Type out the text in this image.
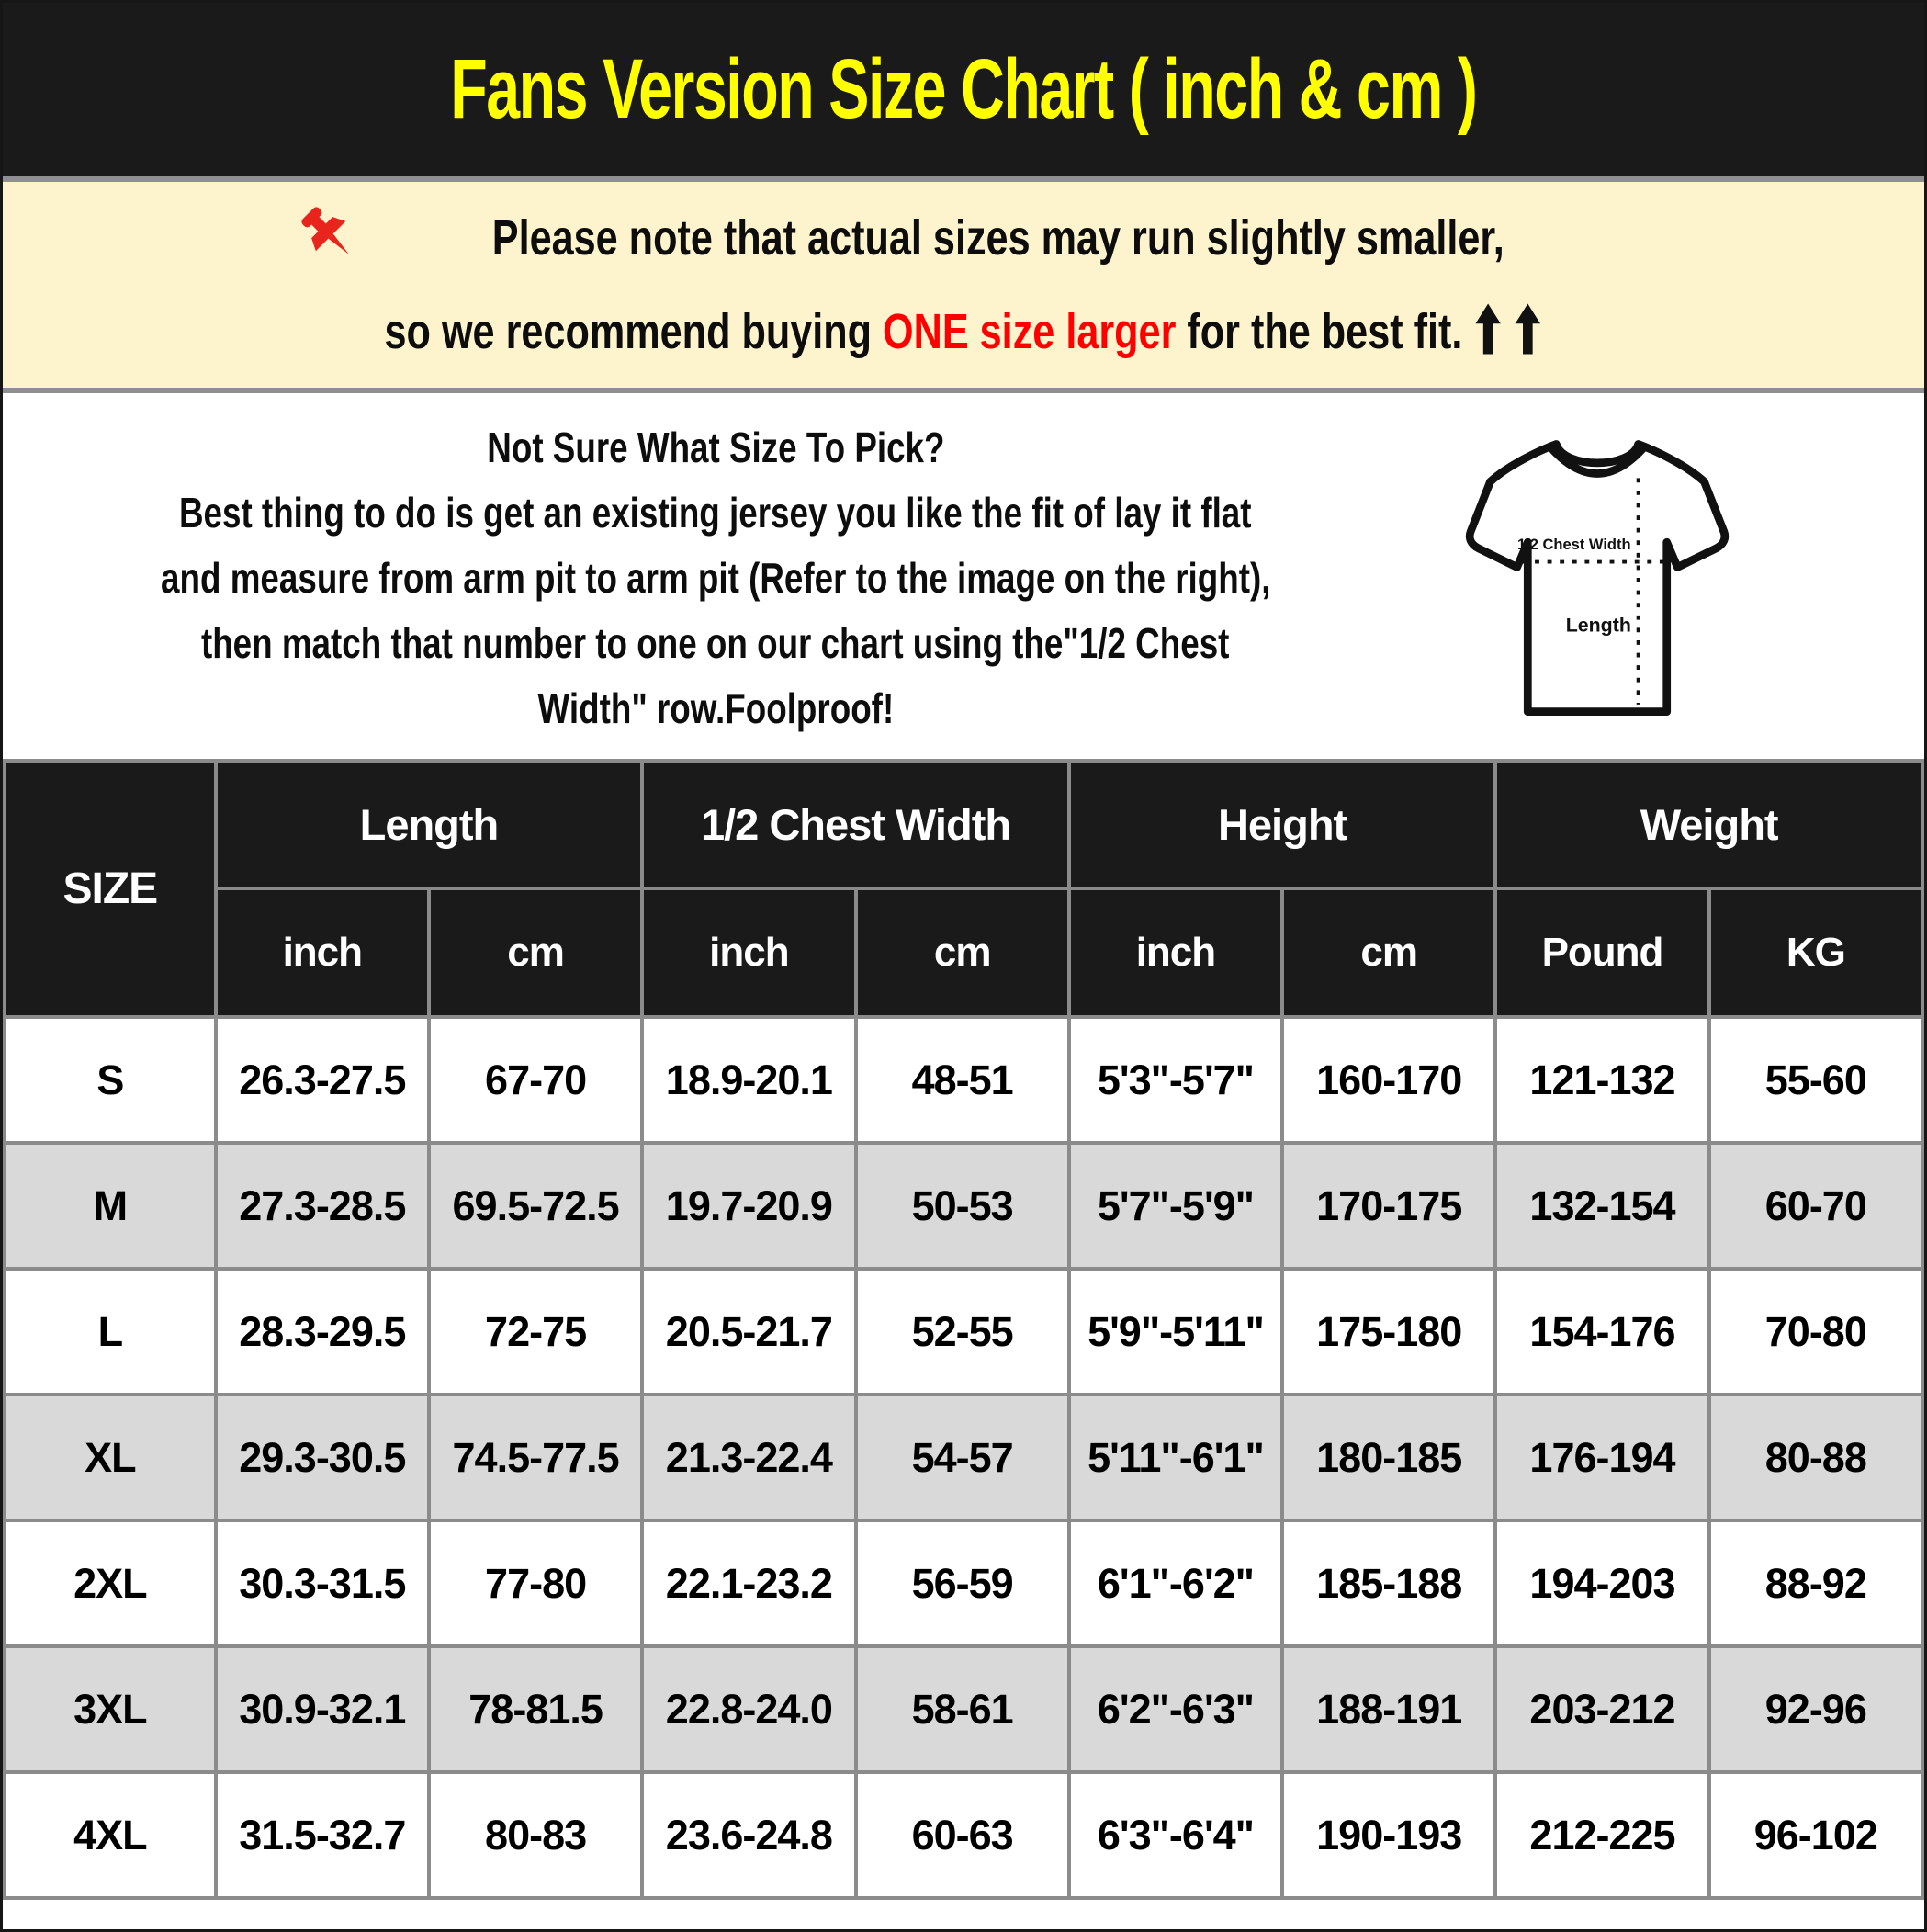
Fans Version Size Chart ( inch & cm )
Please note that actual sizes may run slightly smaller,
so we recommend buying ONE size larger for the best fit.
Not Sure What Size To Pick?
Best thing to do is get an existing jersey you like the fit of lay it flat
and measure from arm pit to arm pit (Refer to the image on the right),
then match that number to one on our chart using the"1/2 Chest
Width" row.Foolproof!
1/2 Chest Width
Length
SIZE	Length		1/2 Chest Width		Height		Weight	
	inch	cm	inch	cm	inch	cm	Pound	KG
S	26.3-27.5	67-70	18.9-20.1	48-51	5'3"-5'7"	160-170	121-132	55-60
M	27.3-28.5	69.5-72.5	19.7-20.9	50-53	5'7"-5'9"	170-175	132-154	60-70
L	28.3-29.5	72-75	20.5-21.7	52-55	5'9"-5'11"	175-180	154-176	70-80
XL	29.3-30.5	74.5-77.5	21.3-22.4	54-57	5'11"-6'1"	180-185	176-194	80-88
2XL	30.3-31.5	77-80	22.1-23.2	56-59	6'1"-6'2"	185-188	194-203	88-92
3XL	30.9-32.1	78-81.5	22.8-24.0	58-61	6'2"-6'3"	188-191	203-212	92-96
4XL	31.5-32.7	80-83	23.6-24.8	60-63	6'3"-6'4"	190-193	212-225	96-102
